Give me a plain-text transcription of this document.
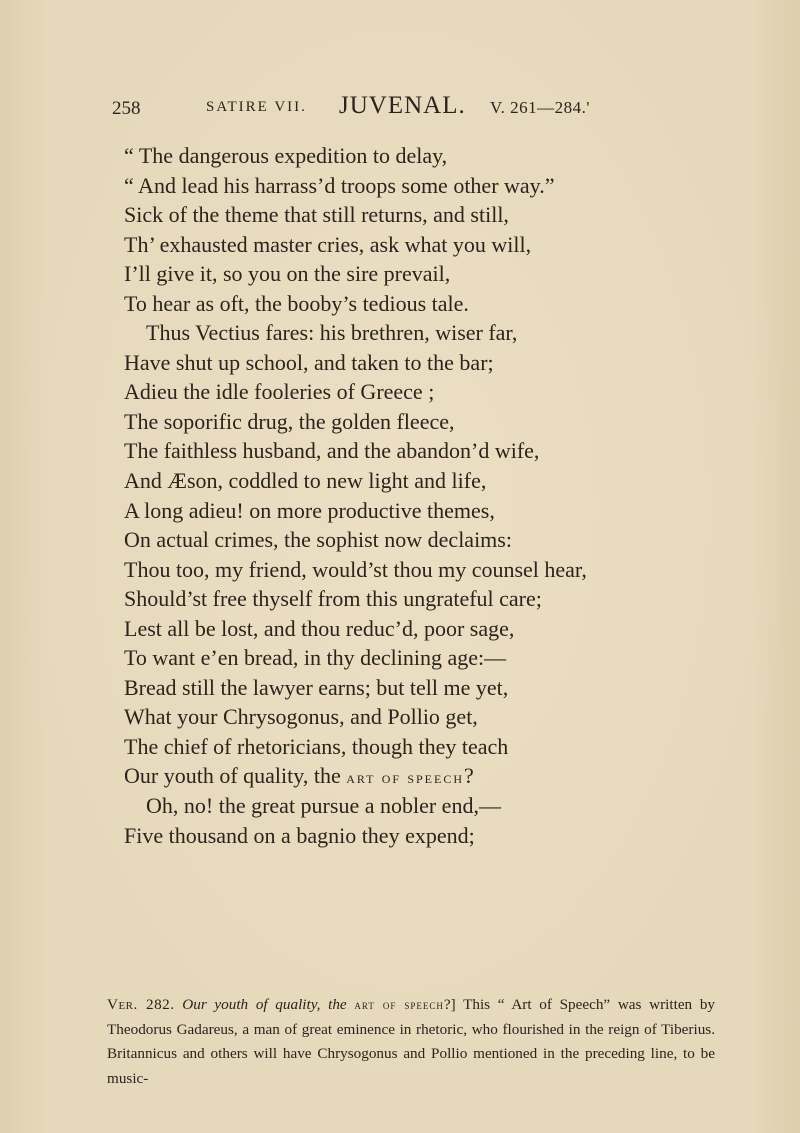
258	SATIRE VII. JUVENAL. V. 261—284.'
“ The dangerous expedition to delay,
“ And lead his harrass’d troops some other way.”
Sick of the theme that still returns, and still,
Th’ exhausted master cries, ask what you will,
I’ll give it, so you on the sire prevail,
To hear as oft, the booby’s tedious tale.
Thus Vectius fares: his brethren, wiser far,
Have shut up school, and taken to the bar;
Adieu the idle fooleries of Greece ;
The soporific drug, the golden fleece,
The faithless husband, and the abandon’d wife,
And Æson, coddled to new light and life,
A long adieu! on more productive themes,
On actual crimes, the sophist now declaims:
Thou too, my friend, would’st thou my counsel hear,
Should’st free thyself from this ungrateful care;
Lest all be lost, and thou reduc’d, poor sage,
To want e’en bread, in thy declining age:—
Bread still the lawyer earns; but tell me yet,
What your Chrysogonus, and Pollio get,
The chief of rhetoricians, though they teach
Our youth of quality, the art of speech?
Oh, no! the great pursue a nobler end,—
Five thousand on a bagnio they expend;
Ver. 282. Our youth of quality, the art of speech?] This “ Art of Speech” was written by Theodorus Gadareus, a man of great eminence in rhetoric, who flourished in the reign of Tiberius. Britannicus and others will have Chrysogonus and Pollio mentioned in the preceding line, to be music-
